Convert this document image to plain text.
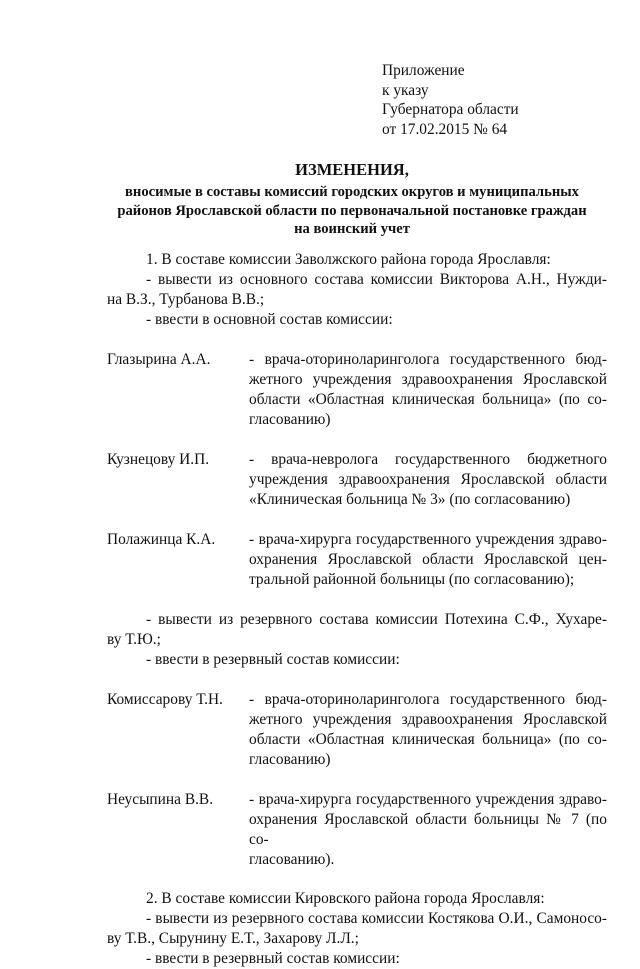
Приложение
к указу
Губернатора области
от 17.02.2015 № 64
ИЗМЕНЕНИЯ,
вносимые в составы комиссий городских округов и муниципальных
районов Ярославской области по первоначальной постановке граждан
на воинский учет

1. В составе комиссии Заволжского района города Ярославля:

- вывести из основного состава комиссии Викторова А.Н., Нужди-

на В.З., Турбанова В.В.;

- ввести в основной состав комиссии:

Глазырина А.А.	- врача-оториноларинголога государственного бюд-
жетного учреждения здравоохранения Ярославской
области «Областная клиническая больница» (по со-
гласованию)
Кузнецову И.П.	- врача-невролога государственного бюджетного
учреждения здравоохранения Ярославской области
«Клиническая больница № 3» (по согласованию)
Полажинца К.А.	- врача-хирурга государственного учреждения здраво-
охранения Ярославской области Ярославской цен-
тральной районной больницы (по согласованию);

- вывести из резервного состава комиссии Потехина С.Ф., Хухаре-

ву Т.Ю.;

- ввести в резервный состав комиссии:

Комиссарову Т.Н.	- врача-оториноларинголога государственного бюд-
жетного учреждения здравоохранения Ярославской
области «Областная клиническая больница» (по со-
гласованию)
Неусыпина В.В.	- врача-хирурга государственного учреждения здраво-
охранения Ярославской области больницы № 7 (по со-
гласованию).

2. В составе комиссии Кировского района города Ярославля:

- вывести из резервного состава комиссии Костякова О.И., Самоносо-

ву Т.В., Сырунину Е.Т., Захарову Л.Л.;

- ввести в резервный состав комиссии:
